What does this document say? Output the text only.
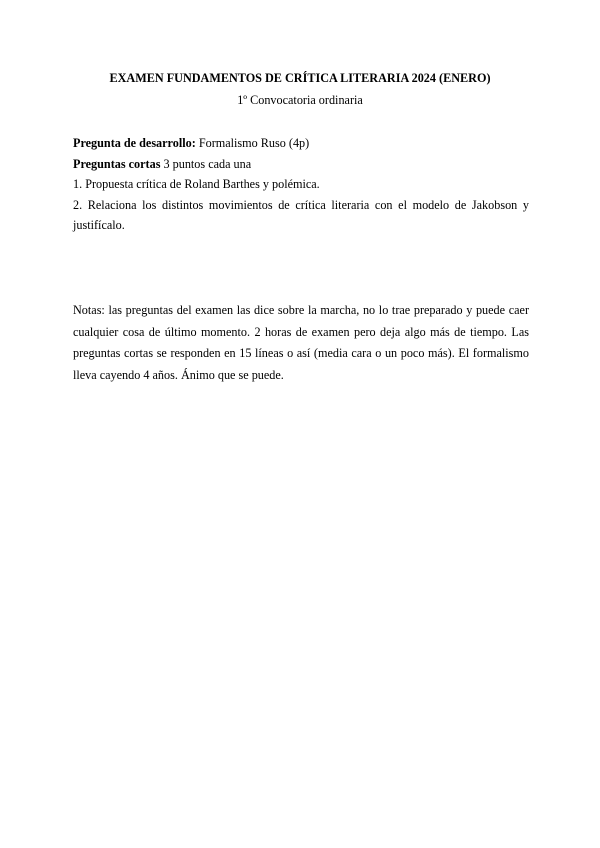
EXAMEN FUNDAMENTOS DE CRÍTICA LITERARIA 2024 (ENERO)
1º Convocatoria ordinaria

Pregunta de desarrollo: Formalismo Ruso (4p)

Preguntas cortas 3 puntos cada una

1. Propuesta crítica de Roland Barthes y polémica.

2. Relaciona los distintos movimientos de crítica literaria con el modelo de Jakobson y justifícalo.

Notas: las preguntas del examen las dice sobre la marcha, no lo trae preparado y puede caer cualquier cosa de último momento. 2 horas de examen pero deja algo más de tiempo. Las preguntas cortas se responden en 15 líneas o así (media cara o un poco más). El formalismo lleva cayendo 4 años. Ánimo que se puede.
